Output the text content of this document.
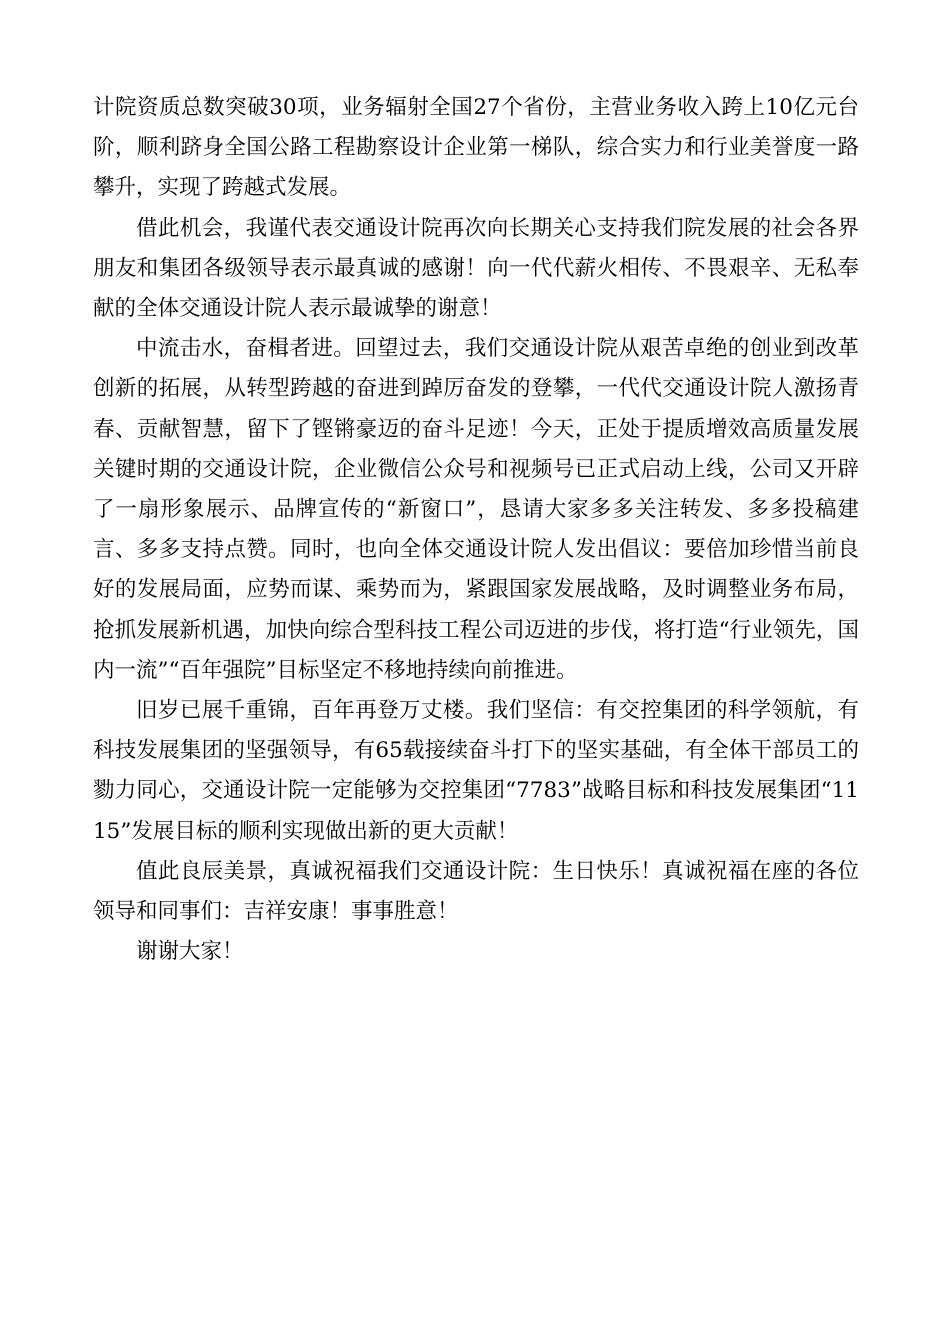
计院资质总数突破30项，业务辐射全国27个省份，主营业务收入跨上10亿元台阶，顺利跻身全国公路工程勘察设计企业第一梯队，综合实力和行业美誉度一路攀升，实现了跨越式发展。

借此机会，我谨代表交通设计院再次向长期关心支持我们院发展的社会各界朋友和集团各级领导表示最真诚的感谢！向一代代薪火相传、不畏艰辛、无私奉献的全体交通设计院人表示最诚挚的谢意！

中流击水，奋楫者进。回望过去，我们交通设计院从艰苦卓绝的创业到改革创新的拓展，从转型跨越的奋进到踔厉奋发的登攀，一代代交通设计院人激扬青春、贡献智慧，留下了铿锵豪迈的奋斗足迹！今天，正处于提质增效高质量发展关键时期的交通设计院，企业微信公众号和视频号已正式启动上线，公司又开辟了一扇形象展示、品牌宣传的“新窗口”，恳请大家多多关注转发、多多投稿建言、多多支持点赞。同时，也向全体交通设计院人发出倡议：要倍加珍惜当前良好的发展局面，应势而谋、乘势而为，紧跟国家发展战略，及时调整业务布局，抢抓发展新机遇，加快向综合型科技工程公司迈进的步伐，将打造“行业领先，国内一流”“百年强院”目标坚定不移地持续向前推进。

旧岁已展千重锦，百年再登万丈楼。我们坚信：有交控集团的科学领航，有科技发展集团的坚强领导，有65载接续奋斗打下的坚实基础，有全体干部员工的勠力同心，交通设计院一定能够为交控集团“7783”战略目标和科技发展集团“1115”发展目标的顺利实现做出新的更大贡献！

值此良辰美景，真诚祝福我们交通设计院：生日快乐！真诚祝福在座的各位领导和同事们：吉祥安康！事事胜意！

谢谢大家！
